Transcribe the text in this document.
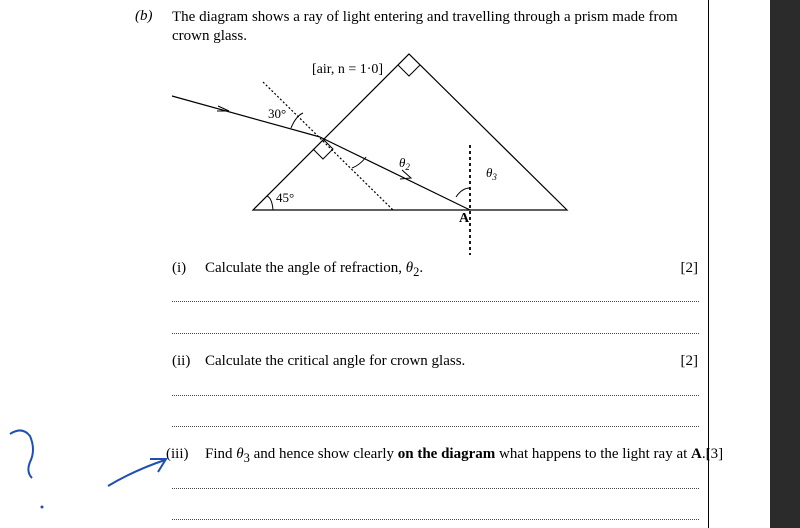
(b) The diagram shows a ray of light entering and travelling through a prism made from crown glass.
[air, n = 1·0]
30°
45°
$\theta_2$	$\theta_3$
A
(i) Calculate the angle of refraction, $\theta_2$.	[2]
(ii) Calculate the critical angle for crown glass.	[2]
(iii) Find $\theta_3$ and hence show clearly on the diagram what happens to the light ray at A.[3]
